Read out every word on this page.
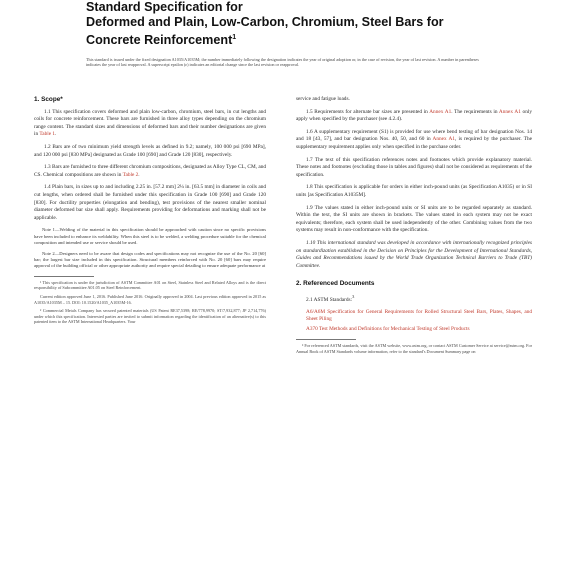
Standard Specification for
Deformed and Plain, Low-Carbon, Chromium, Steel Bars for
Concrete Reinforcement$^1$
This standard is issued under the fixed designation A1035/A1035M; the number immediately following the designation indicates the year of original adoption or, in the case of revision, the year of last revision. A number in parentheses indicates the year of last reapproval. A superscript epsilon (ε) indicates an editorial change since the last revision or reapproval.
1. Scope*

1.1 This specification covers deformed and plain low-carbon, chromium, steel bars, in cut lengths and coils for concrete reinforcement. These bars are furnished in three alloy types depending on the chromium range content. The standard sizes and dimensions of deformed bars and their number designations are given in Table 1.

1.2 Bars are of two minimum yield strength levels as defined in 9.2; namely, 100 000 psi [690 MPa], and 120 000 psi [830 MPa] designated as Grade 100 [690] and Grade 120 [830], respectively.

1.3 Bars are furnished to three different chromium compositions, designated as Alloy Type CL, CM, and CS. Chemical compositions are shown in Table 2.

1.4 Plain bars, in sizes up to and including 2.25 in. [57.2 mm] 2¼ in. [63.5 mm] in diameter in coils and cut lengths, when ordered shall be furnished under this specification in Grade 100 [690] and Grade 120 [830]. For ductility properties (elongation and bending), test provisions of the nearest smaller nominal diameter deformed bar size shall apply. Requirements providing for deformations and marking shall not be applicable.

Note 1—Welding of the material in this specification should be approached with caution since no specific provisions have been included to enhance its weldability. When this steel is to be welded, a welding procedure suitable for the chemical composition and intended use or service should be used.

Note 2—Designers need to be aware that design codes and specifications may not recognize the use of the No. 20 [60] bar; the largest bar size included in this specification. Structural members reinforced with No. 20 [60] bars may require approval of the building official or other appropriate authority and require special detailing to ensure adequate performance at

¹ This specification is under the jurisdiction of ASTM Committee A01 on Steel, Stainless Steel and Related Alloys and is the direct responsibility of Subcommittee A01.05 on Steel Reinforcement.

Current edition approved June 1, 2016. Published June 2016. Originally approved in 2004. Last previous edition approved in 2015 as A1035/A1035M – 15. DOI: 10.1520/A1035_A1035M-16.

² Commercial Metals Company has secured patented materials (US Patent RE37,5398; RE/778,9970; ST/7,932,877; JP 2,714,776) under which this specification. Interested parties are invited to submit information regarding the identification of an alternative(s) to this patented item to the ASTM International Headquarters. Your

service and fatigue loads.

1.5 Requirements for alternate bar sizes are presented in Annex A1. The requirements in Annex A1 only apply when specified by the purchaser (see 4.2.4).

1.6 A supplementary requirement (S1) is provided for use where bend testing of bar designation Nos. 14 and 18 [43, 57], and bar designation Nos. 40, 50, and 60 in Annex A1, is required by the purchaser. The supplementary requirement applies only when specified in the purchase order.

1.7 The text of this specification references notes and footnotes which provide explanatory material. These notes and footnotes (excluding those in tables and figures) shall not be considered as requirements of the specification.

1.8 This specification is applicable for orders in either inch-pound units (as Specification A1035) or in SI units [as Specification A1035M].

1.9 The values stated in either inch-pound units or SI units are to be regarded separately as standard. Within the text, the SI units are shown in brackets. The values stated in each system may not be exact equivalents; therefore, each system shall be used independently of the other. Combining values from the two systems may result in non-conformance with the specification.

1.10 This international standard was developed in accordance with internationally recognized principles on standardization established in the Decision on Principles for the Development of International Standards, Guides and Recommendations issued by the World Trade Organization Technical Barriers to Trade (TBT) Committee.

2. Referenced Documents

2.1 ASTM Standards:$^3$

A6/A6M Specification for General Requirements for Rolled Structural Steel Bars, Plates, Shapes, and Sheet Piling

A370 Test Methods and Definitions for Mechanical Testing of Steel Products

³ For referenced ASTM standards, visit the ASTM website, www.astm.org, or contact ASTM Customer Service at service@astm.org. For Annual Book of ASTM Standards volume information, refer to the standard's Document Summary page on
